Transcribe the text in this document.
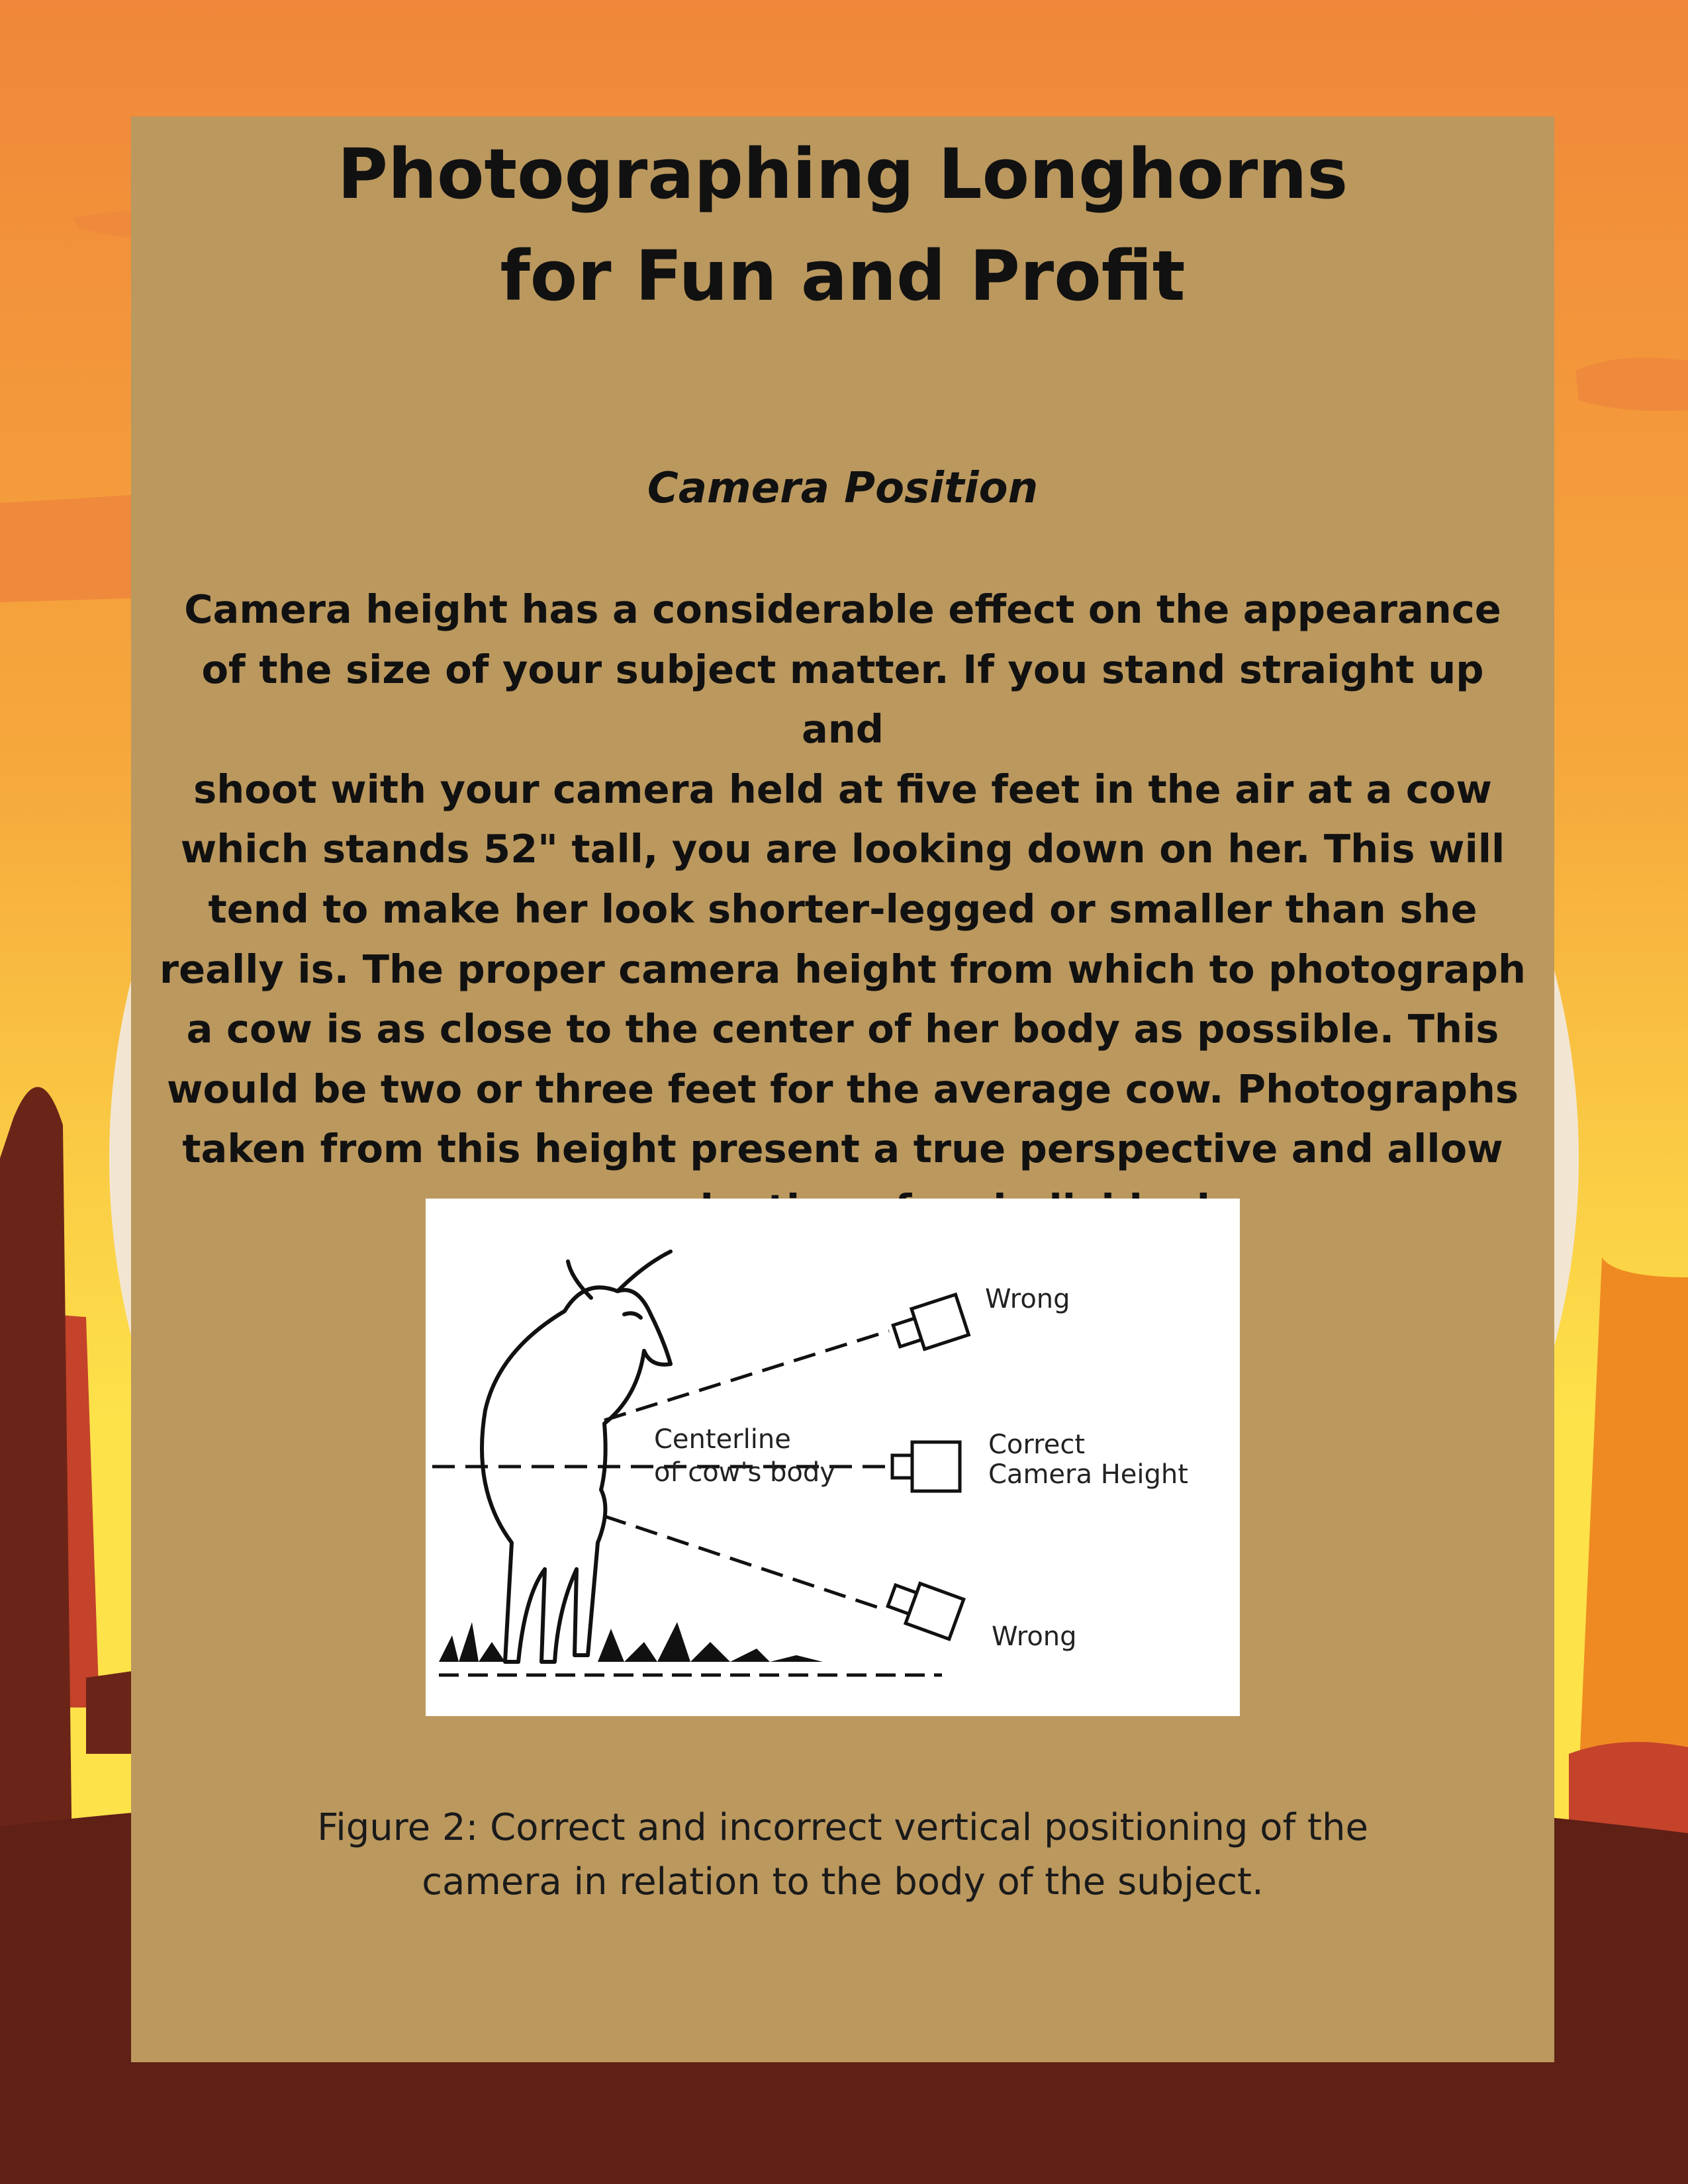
Photographing Longhorns
for Fun and Profit
Camera Position
Camera height has a considerable effect on the appearance
of the size of your subject matter. If you stand straight up and
shoot with your camera held at five feet in the air at a cow
which stands 52" tall, you are looking down on her. This will
tend to make her look shorter-legged or smaller than she
really is. The proper camera height from which to photograph
a cow is as close to the center of her body as possible. This
would be two or three feet for the average cow. Photographs
taken from this height present a true perspective and allow
Wrong
Centerline
of cow's body
Correct
Camera Height
Wrong
Figure 2: Correct and incorrect vertical positioning of the
camera in relation to the body of the subject.
